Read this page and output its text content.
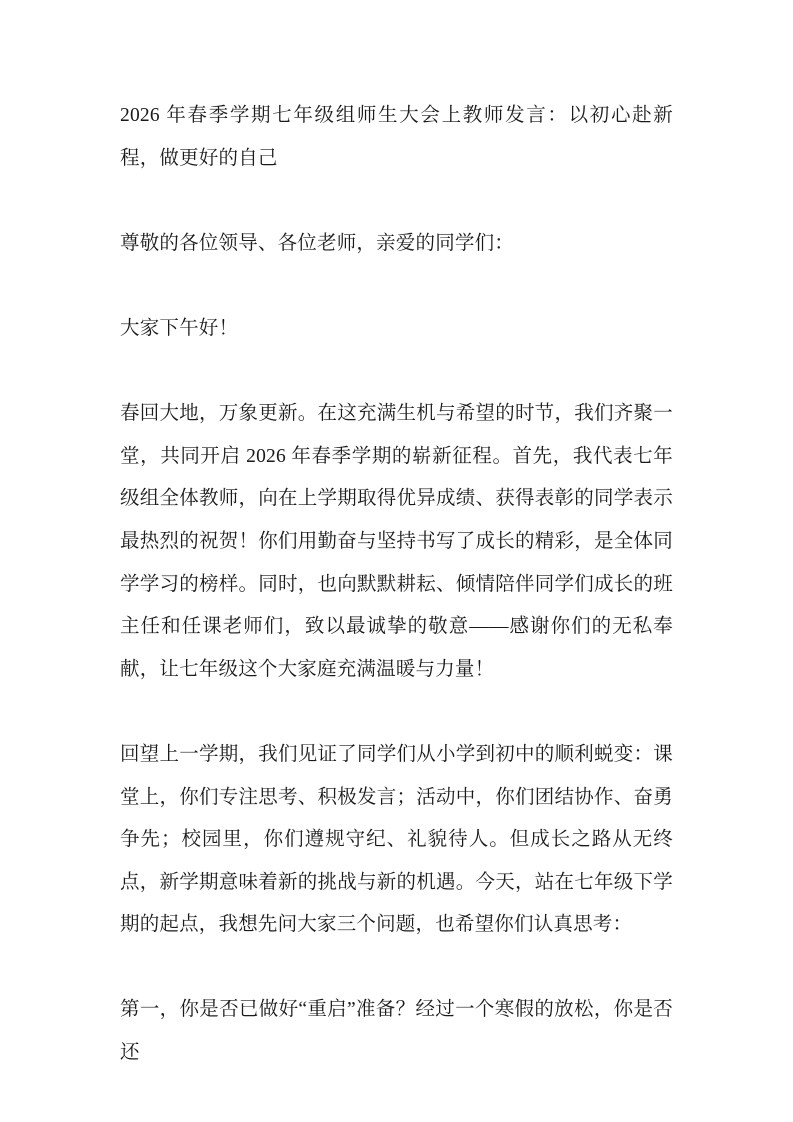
2026 年春季学期七年级组师生大会上教师发言：以初心赴新程，做更好的自己

尊敬的各位领导、各位老师，亲爱的同学们：

大家下午好！

春回大地，万象更新。在这充满生机与希望的时节，我们齐聚一堂，共同开启 2026 年春季学期的崭新征程。首先，我代表七年级组全体教师，向在上学期取得优异成绩、获得表彰的同学表示最热烈的祝贺！你们用勤奋与坚持书写了成长的精彩，是全体同学学习的榜样。同时，也向默默耕耘、倾情陪伴同学们成长的班主任和任课老师们，致以最诚挚的敬意——感谢你们的无私奉献，让七年级这个大家庭充满温暖与力量！

回望上一学期，我们见证了同学们从小学到初中的顺利蜕变：课堂上，你们专注思考、积极发言；活动中，你们团结协作、奋勇争先；校园里，你们遵规守纪、礼貌待人。但成长之路从无终点，新学期意味着新的挑战与新的机遇。今天，站在七年级下学期的起点，我想先问大家三个问题，也希望你们认真思考：

第一，你是否已做好“重启”准备？经过一个寒假的放松，你是否还
